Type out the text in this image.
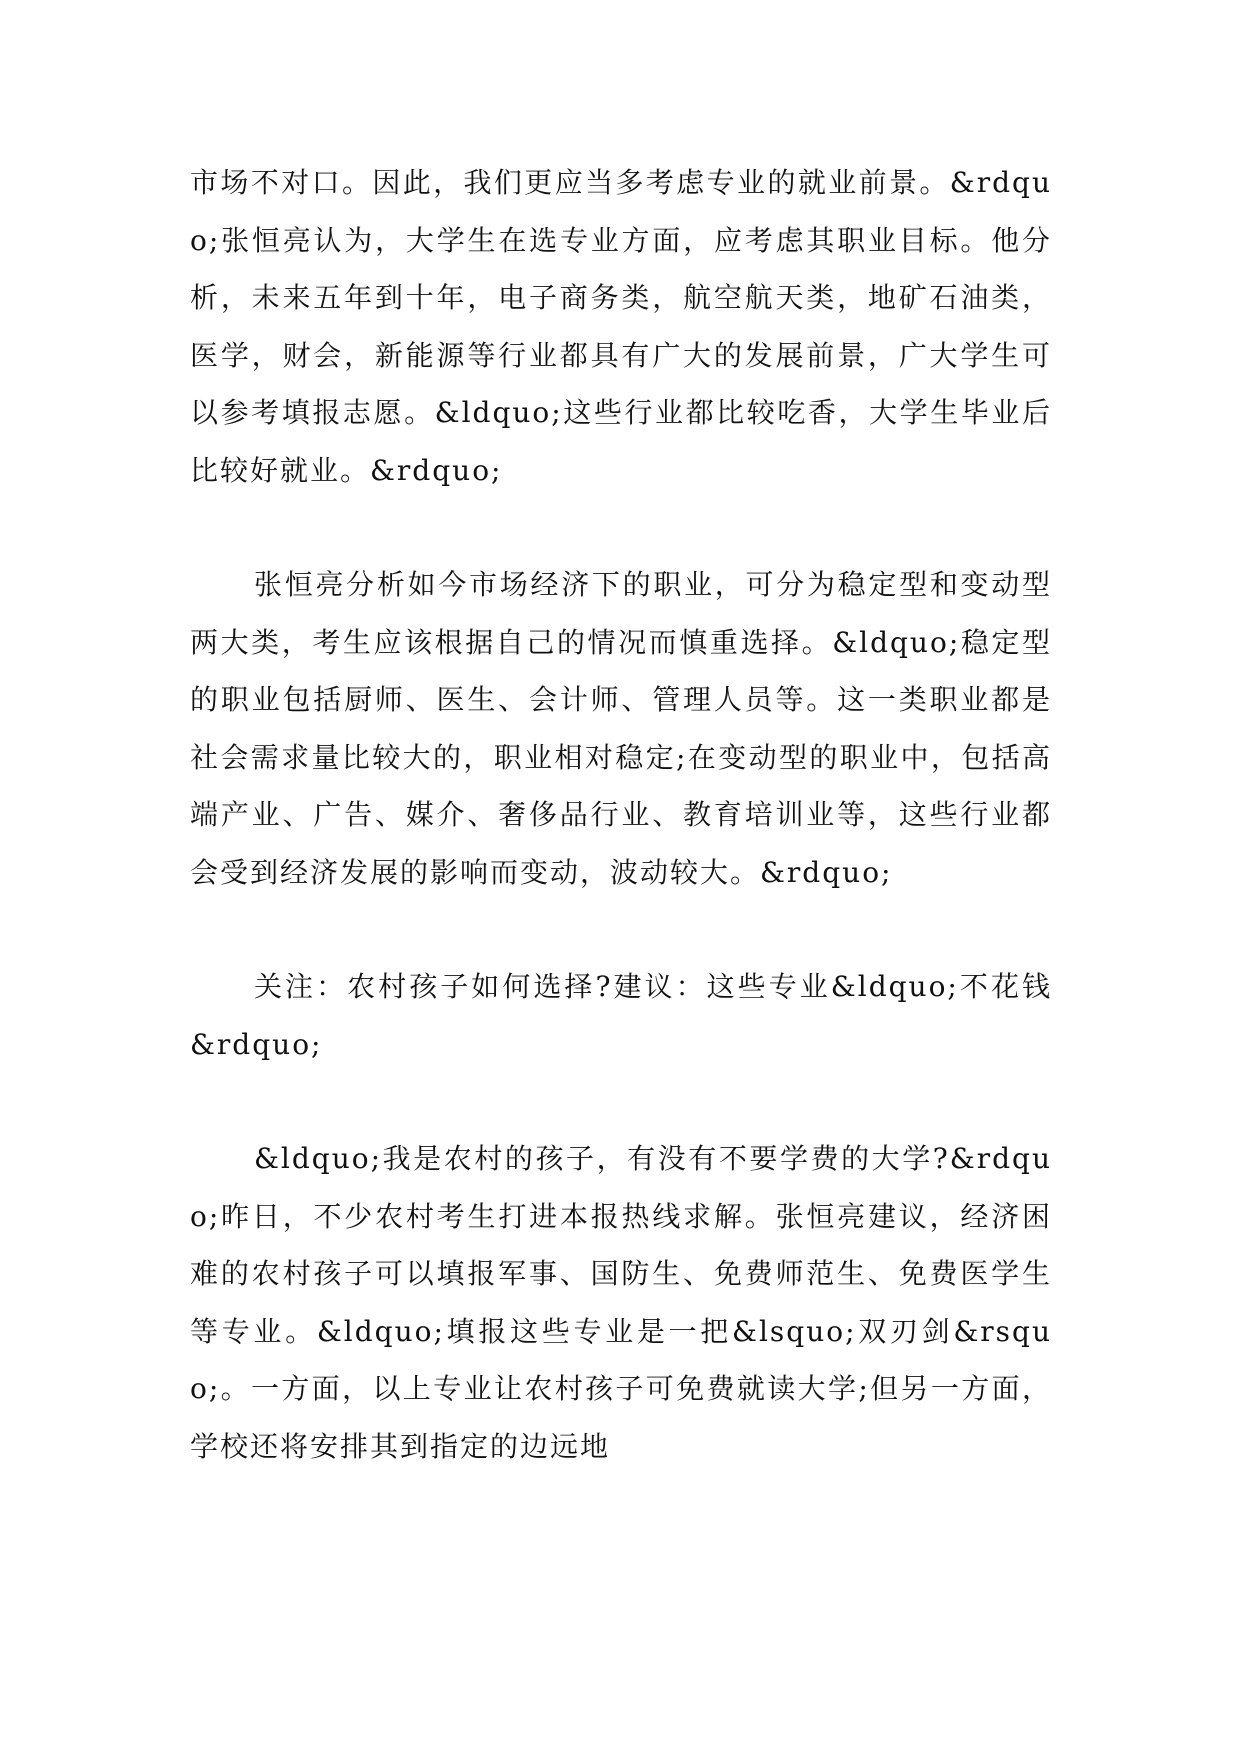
市场不对口。因此，我们更应当多考虑专业的就业前景。&rdquo;张恒亮认为，大学生在选专业方面，应考虑其职业目标。他分析，未来五年到十年，电子商务类，航空航天类，地矿石油类，医学，财会，新能源等行业都具有广大的发展前景，广大学生可以参考填报志愿。&ldquo;这些行业都比较吃香，大学生毕业后比较好就业。&rdquo;

张恒亮分析如今市场经济下的职业，可分为稳定型和变动型两大类，考生应该根据自己的情况而慎重选择。&ldquo;稳定型的职业包括厨师、医生、会计师、管理人员等。这一类职业都是社会需求量比较大的，职业相对稳定;在变动型的职业中，包括高端产业、广告、媒介、奢侈品行业、教育培训业等，这些行业都会受到经济发展的影响而变动，波动较大。&rdquo;

关注：农村孩子如何选择?建议：这些专业&ldquo;不花钱&rdquo;

&ldquo;我是农村的孩子，有没有不要学费的大学?&rdquo;昨日，不少农村考生打进本报热线求解。张恒亮建议，经济困难的农村孩子可以填报军事、国防生、免费师范生、免费医学生等专业。&ldquo;填报这些专业是一把&lsquo;双刃剑&rsquo;。一方面，以上专业让农村孩子可免费就读大学;但另一方面，学校还将安排其到指定的边远地
